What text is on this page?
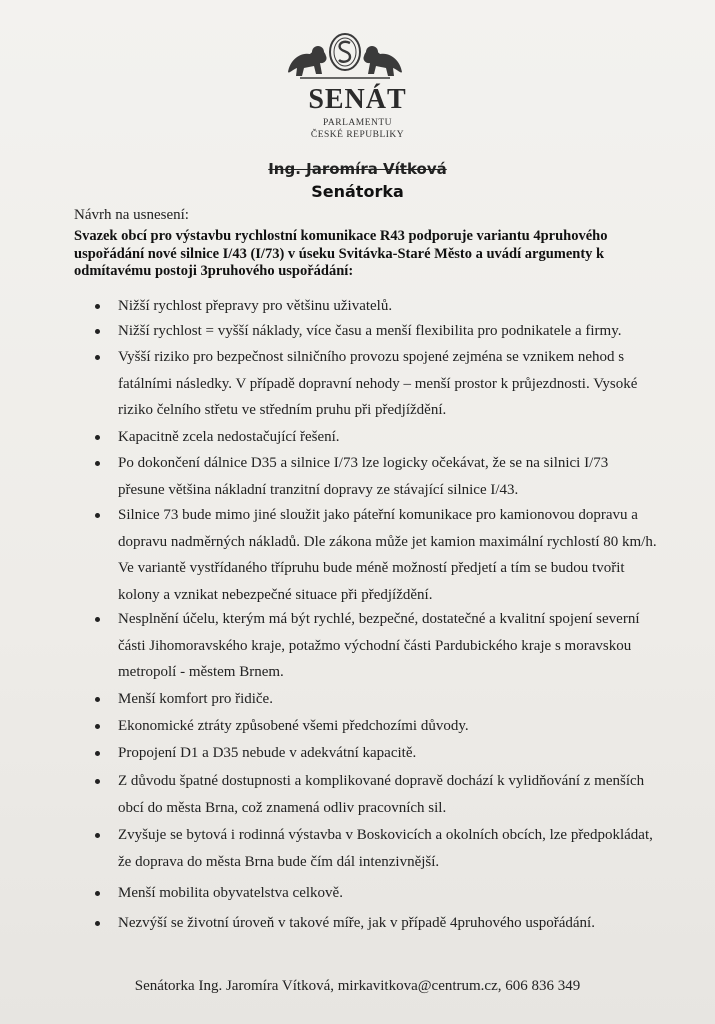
SENÁT
PARLAMENTU
ČESKÉ REPUBLIKY
Ing. Jaromíra Vítková
Senátorka
Návrh na usnesení:
Svazek obcí pro výstavbu rychlostní komunikace R43 podporuje variantu 4pruhového uspořádání nové silnice I/43 (I/73) v úseku Svitávka-Staré Město a uvádí argumenty k odmítavému postoji 3pruhového uspořádání:
Nižší rychlost přepravy pro většinu uživatelů.
Nižší rychlost = vyšší náklady, více času a menší flexibilita pro podnikatele a firmy.
Vyšší riziko pro bezpečnost silničního provozu spojené zejména se vznikem nehod s fatálními následky. V případě dopravní nehody – menší prostor k průjezdnosti. Vysoké riziko čelního střetu ve středním pruhu při předjíždění.
Kapacitně zcela nedostačující řešení.
Po dokončení dálnice D35 a silnice I/73 lze logicky očekávat, že se na silnici I/73 přesune většina nákladní tranzitní dopravy ze stávající silnice I/43.
Silnice 73 bude mimo jiné sloužit jako páteřní komunikace pro kamionovou dopravu a dopravu nadměrných nákladů. Dle zákona může jet kamion maximální rychlostí 80 km/h. Ve variantě vystřídaného třípruhu bude méně možností předjetí a tím se budou tvořit kolony a vznikat nebezpečné situace při předjíždění.
Nesplnění účelu, kterým má být rychlé, bezpečné, dostatečné a kvalitní spojení severní části Jihomoravského kraje, potažmo východní části Pardubického kraje s moravskou metropolí - městem Brnem.
Menší komfort pro řidiče.
Ekonomické ztráty způsobené všemi předchozími důvody.
Propojení D1 a D35 nebude v adekvátní kapacitě.
Z důvodu špatné dostupnosti a komplikované dopravě dochází k vylidňování z menších obcí do města Brna, což znamená odliv pracovních sil.
Zvyšuje se bytová i rodinná výstavba v Boskovicích a okolních obcích, lze předpokládat, že doprava do města Brna bude čím dál intenzivnější.
Menší mobilita obyvatelstva celkově.
Nezvýší se životní úroveň v takové míře, jak v případě 4pruhového uspořádání.
Senátorka Ing. Jaromíra Vítková, mirkavitkova@centrum.cz, 606 836 349
